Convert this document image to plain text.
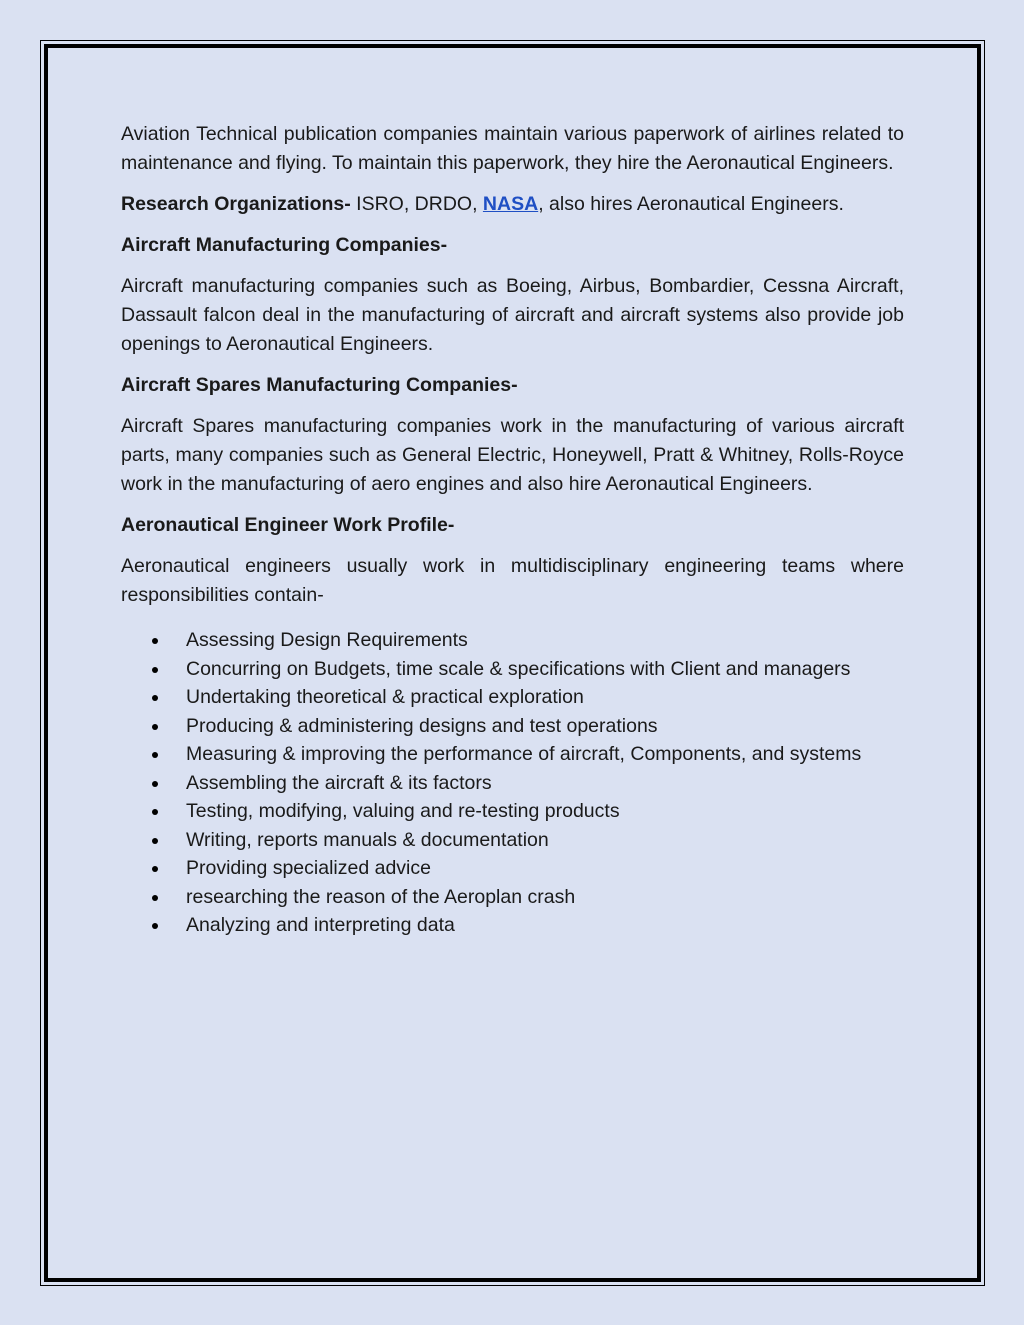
Aviation Technical publication companies maintain various paperwork of airlines related to maintenance and flying. To maintain this paperwork, they hire the Aeronautical Engineers.

Research Organizations- ISRO, DRDO, NASA, also hires Aeronautical Engineers.

Aircraft Manufacturing Companies-

Aircraft manufacturing companies such as Boeing, Airbus, Bombardier, Cessna Aircraft, Dassault falcon deal in the manufacturing of aircraft and aircraft systems also provide job openings to Aeronautical Engineers.

Aircraft Spares Manufacturing Companies-

Aircraft Spares manufacturing companies work in the manufacturing of various aircraft parts, many companies such as General Electric, Honeywell, Pratt & Whitney, Rolls-Royce work in the manufacturing of aero engines and also hire Aeronautical Engineers.

Aeronautical Engineer Work Profile-

Aeronautical engineers usually work in multidisciplinary engineering teams where responsibilities contain-

Assessing Design Requirements
Concurring on Budgets, time scale & specifications with Client and managers
Undertaking theoretical & practical exploration
Producing & administering designs and test operations
Measuring & improving the performance of aircraft, Components, and systems
Assembling the aircraft & its factors
Testing, modifying, valuing and re-testing products
Writing, reports manuals & documentation
Providing specialized advice
researching the reason of the Aeroplan crash
Analyzing and interpreting data
